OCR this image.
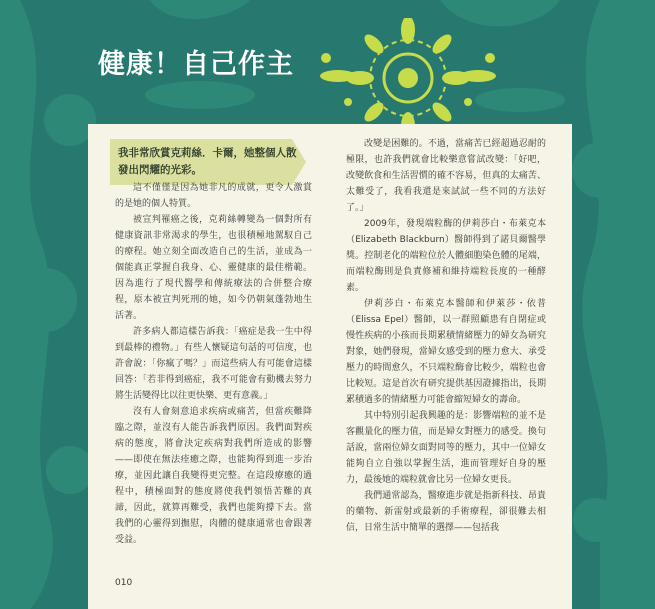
健康！自己作主
我非常欣賞克莉絲．卡爾，她整個人散發出閃耀的光彩。

這不僅僅是因為她非凡的成就，更令人激賞的是她的個人特質。

被宣判罹癌之後，克莉絲轉變為一個對所有健康資訊非常渴求的學生，也很積極地駕馭自己的療程。她立刻全面改造自己的生活，並成為一個能真正掌握自我身、心、靈健康的最佳楷範。因為進行了現代醫學和傳統療法的合併整合療程，原本被宣判死刑的她，如今仍朝氣蓬勃地生活著。

許多病人都這樣告訴我：「癌症是我一生中得到最棒的禮物。」有些人懷疑這句話的可信度，也許會說：「你瘋了嗎？」而這些病人有可能會這樣回答：「若非得到癌症，我不可能會有動機去努力將生活變得比以往更快樂、更有意義。」

沒有人會刻意追求疾病或痛苦，但當疾難降臨之際，並沒有人能告訴我們原因。我們面對疾病的態度，將會決定疾病對我們所造成的影響——即使在無法痊癒之際，也能夠得到進一步治療，並因此讓自我變得更完整。在這段療癒的過程中，積極面對的態度將使我們領悟苦難的真諦，因此，就算再難受，我們也能夠撐下去。當我們的心靈得到撫慰，肉體的健康通常也會跟著受益。

改變是困難的。不過，當痛苦已經超過忍耐的極限，也許我們就會比較樂意嘗試改變：「好吧，改變飲食和生活習慣的確不容易，但真的太痛苦、太難受了，我看我還是來試試一些不同的方法好了。」

2009年，發現端粒酶的伊莉莎白・布萊克本（Elizabeth Blackburn）醫師得到了諾貝爾醫學獎。控制老化的端粒位於人體細胞染色體的尾端，而端粒酶則是負責修補和維持端粒長度的一種酵素。

伊莉莎白・布萊克本醫師和伊萊莎・依普（Elissa Epel）醫師，以一群照顧患有自閉症或慢性疾病的小孩而長期累積情緒壓力的婦女為研究對象，她們發現，當婦女感受到的壓力愈大、承受壓力的時間愈久，不只端粒酶會比較少，端粒也會比較短。這是首次有研究提供基因證據指出，長期累積過多的情緒壓力可能會縮短婦女的壽命。

其中特別引起我興趣的是：影響端粒的並不是客觀量化的壓力值，而是婦女對壓力的感受。換句話說，當兩位婦女面對同等的壓力，其中一位婦女能夠自立自強以掌握生活，進而管理好自身的壓力，最後她的端粒就會比另一位婦女更長。

我們通常認為，醫療進步就是指新科技、昂貴的藥物、新雷射或最新的手術療程，卻很難去相信，日常生活中簡單的選擇——包括我

010
